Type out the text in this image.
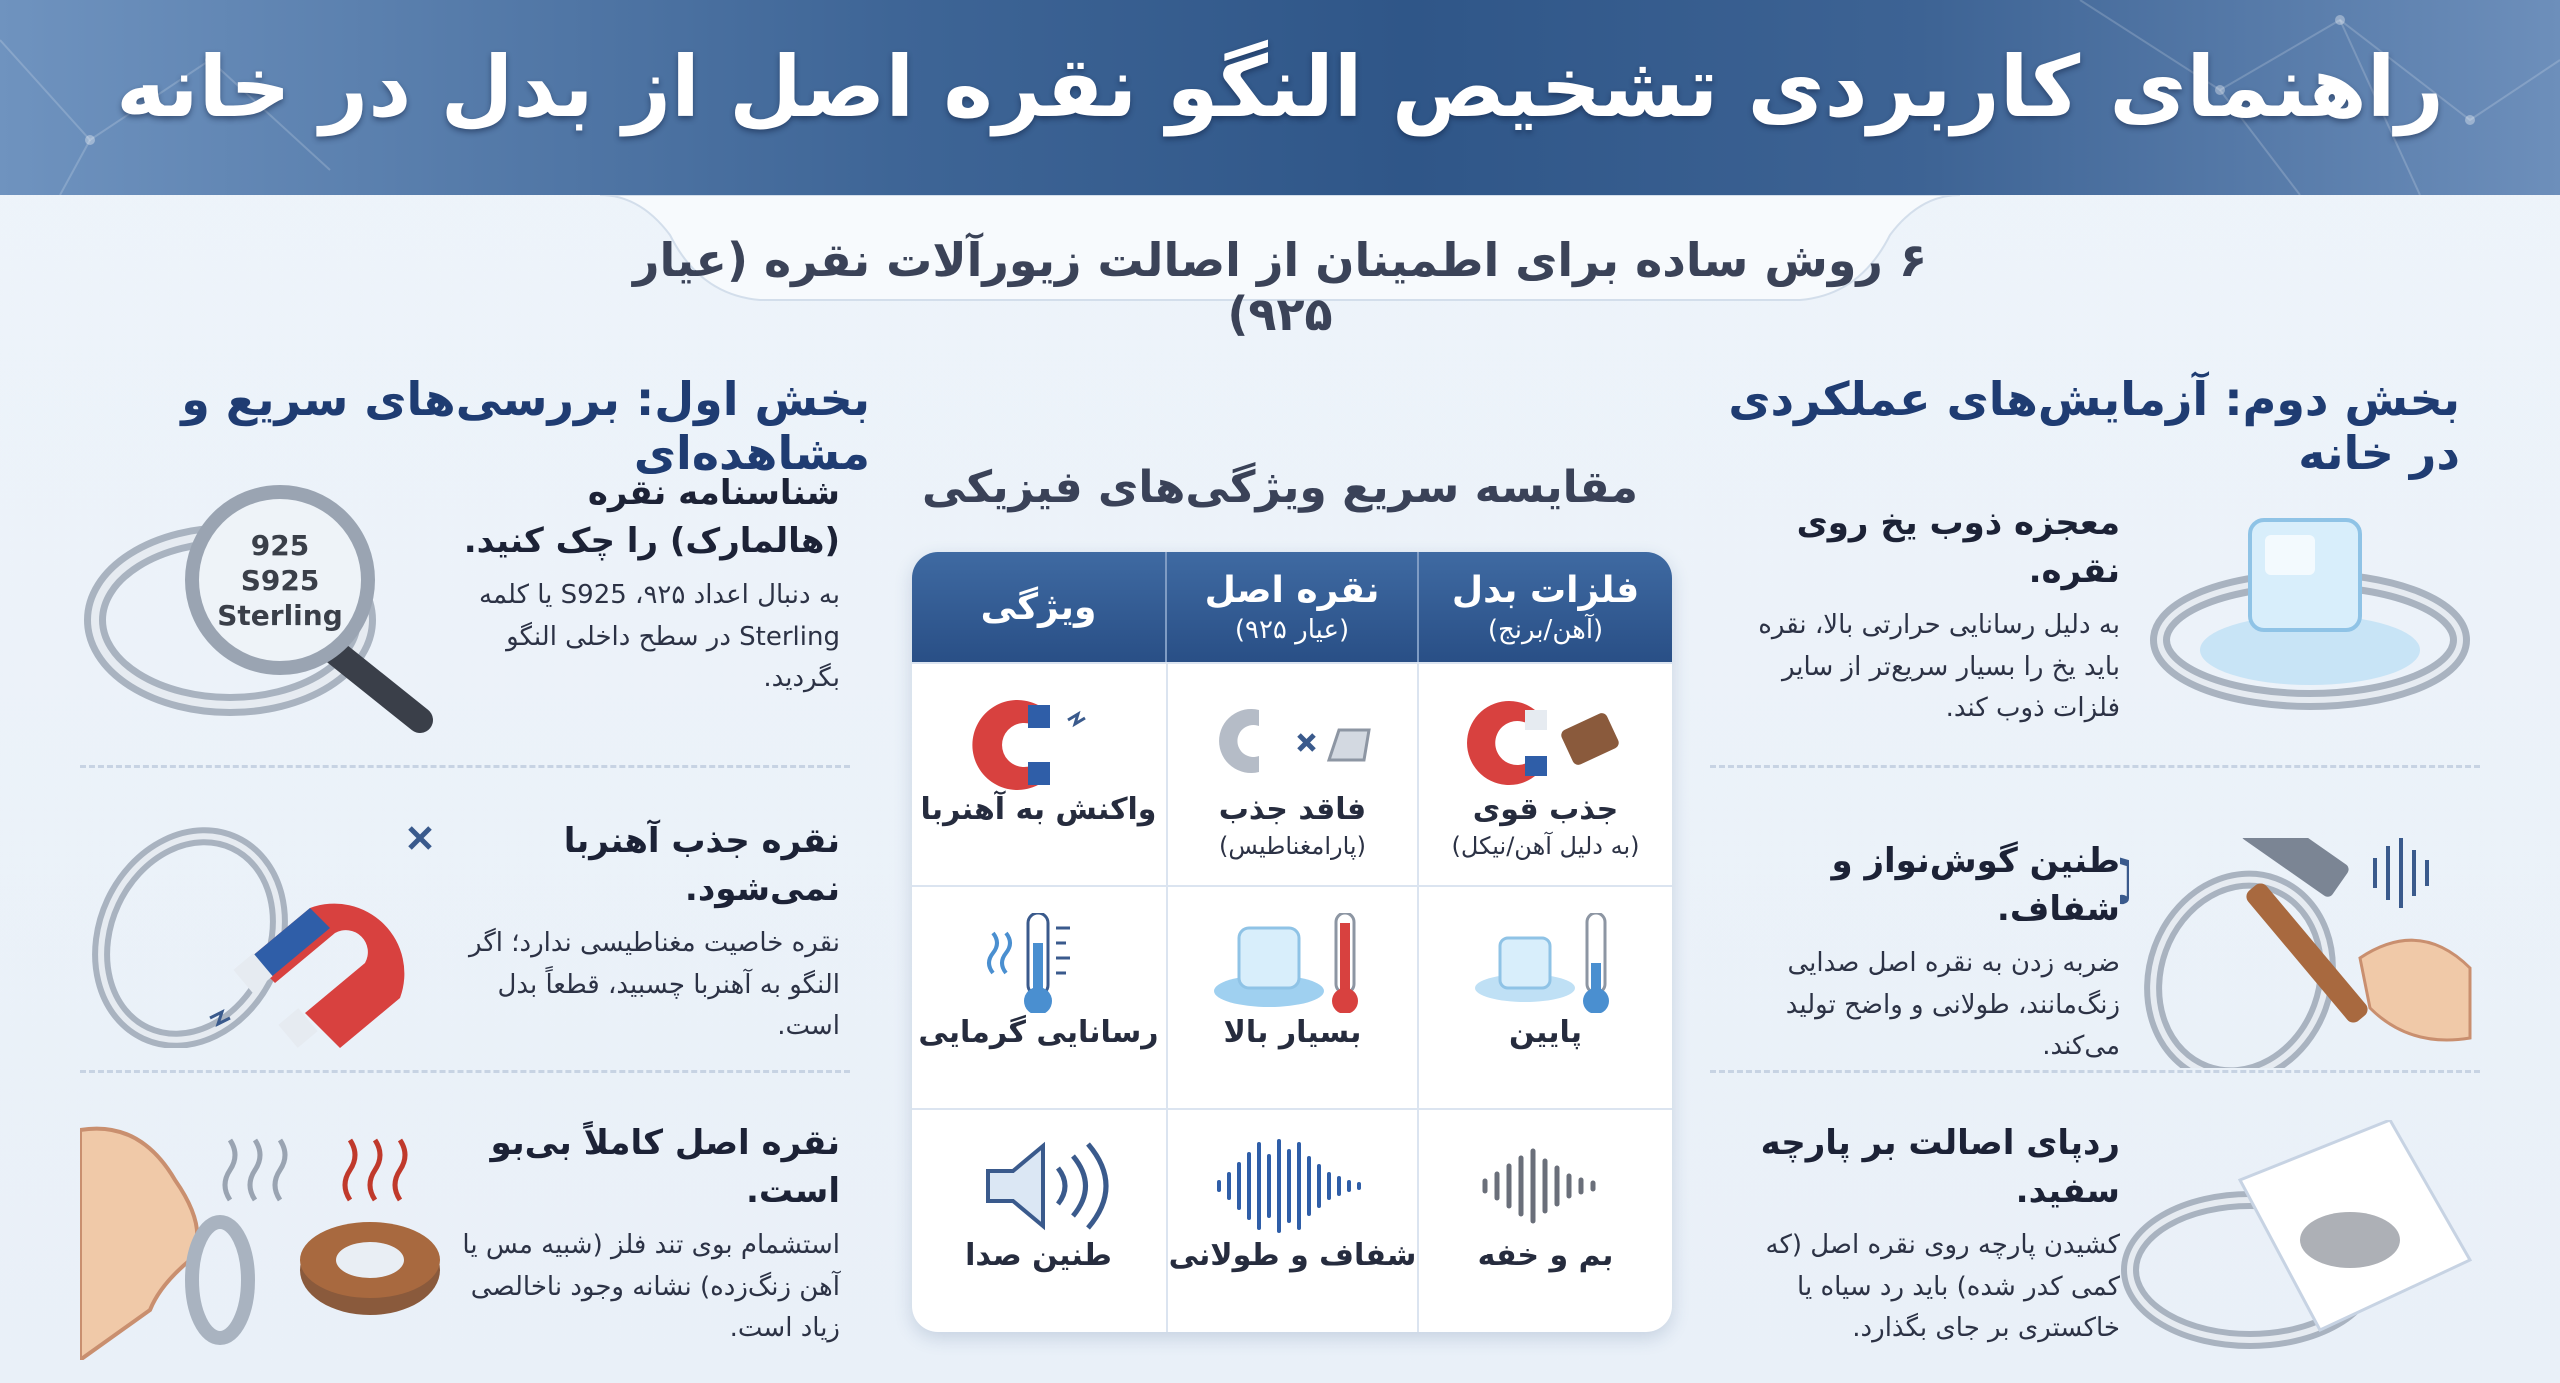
راهنمای کاربردی تشخیص النگو نقره اصل از بدل در خانه
۶ روش ساده برای اطمینان از اصالت زیورآلات نقره (عیار ۹۲۵)
بخش اول: بررسی‌های سریع و مشاهده‌ای
بخش دوم: آزمایش‌های عملکردی در خانه
925
S925
Sterling
شناسنامه نقره (هالمارک) را چک کنید.

به دنبال اعداد ۹۲۵، S925 یا کلمه Sterling در سطح داخلی النگو بگردید.

نقره جذب آهنربا نمی‌شود.

نقره خاصیت مغناطیسی ندارد؛ اگر النگو به آهنربا چسبید، قطعاً بدل است.

نقره اصل کاملاً بی‌بو است.

استشمام بوی تند فلز (شبیه مس یا آهن زنگ‌زده) نشانه وجود ناخالصی زیاد است.

معجزه ذوب یخ روی نقره.

به دلیل رسانایی حرارتی بالا، نقره باید یخ را بسیار سریع‌تر از سایر فلزات ذوب کند.

طنین گوش‌نواز و شفاف.

ضربه زدن به نقره اصل صدایی زنگ‌مانند، طولانی و واضح تولید می‌کند.

ردپای اصالت بر پارچه سفید.

کشیدن پارچه روی نقره اصل (که کمی کدر شده) باید رد سیاه یا خاکستری بر جای بگذارد.

مقایسه سریع ویژگی‌های فیزیکی
فلزات بدل
(آهن/برنج)
نقره اصل
(عیار ۹۲۵)
ویژگی
جذب قوی
(به دلیل آهن/نیکل)
فاقد جذب
(پارامغناطیس)
واکنش به آهنربا
پایین
بسیار بالا
رسانایی گرمایی
بم و خفه
شفاف و طولانی
طنین صدا
